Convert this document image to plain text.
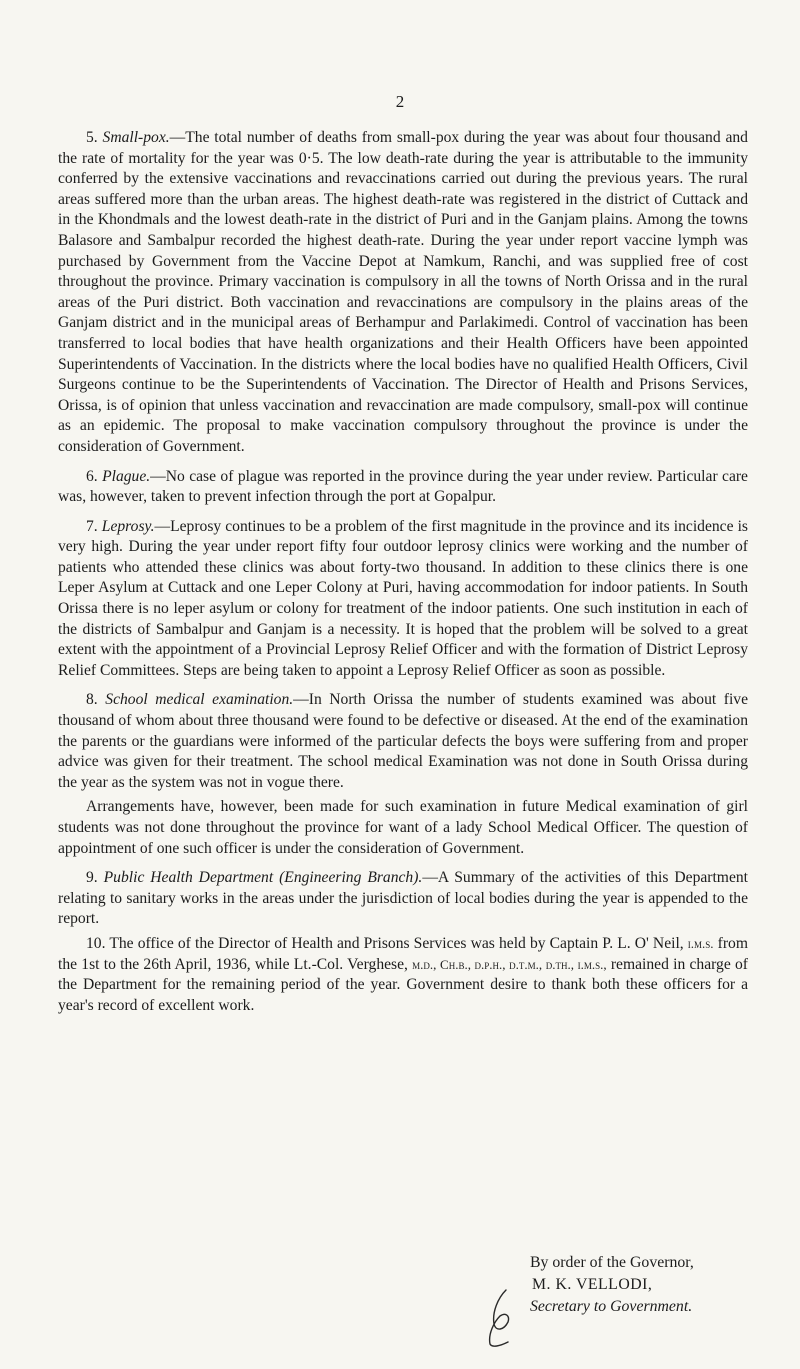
2

5. Small-pox.—The total number of deaths from small-pox during the year was about four thousand and the rate of mortality for the year was 0·5. The low death-rate during the year is attributable to the immunity conferred by the extensive vaccinations and revaccinations carried out during the previous years. The rural areas suffered more than the urban areas. The highest death-rate was registered in the district of Cuttack and in the Khondmals and the lowest death-rate in the district of Puri and in the Ganjam plains. Among the towns Balasore and Sambalpur recorded the highest death-rate. During the year under report vaccine lymph was purchased by Government from the Vaccine Depot at Namkum, Ranchi, and was supplied free of cost throughout the province. Primary vaccination is compulsory in all the towns of North Orissa and in the rural areas of the Puri district. Both vaccination and revaccinations are compulsory in the plains areas of the Ganjam district and in the municipal areas of Berhampur and Parlakimedi. Control of vaccination has been transferred to local bodies that have health organizations and their Health Officers have been appointed Superintendents of Vaccination. In the districts where the local bodies have no qualified Health Officers, Civil Surgeons continue to be the Superintendents of Vaccination. The Director of Health and Prisons Services, Orissa, is of opinion that unless vaccination and revaccination are made compulsory, small-pox will continue as an epidemic. The proposal to make vaccination compulsory throughout the province is under the consideration of Government.

6. Plague.—No case of plague was reported in the province during the year under review. Particular care was, however, taken to prevent infection through the port at Gopalpur.

7. Leprosy.—Leprosy continues to be a problem of the first magnitude in the province and its incidence is very high. During the year under report fifty four outdoor leprosy clinics were working and the number of patients who attended these clinics was about forty-two thousand. In addition to these clinics there is one Leper Asylum at Cuttack and one Leper Colony at Puri, having accommodation for indoor patients. In South Orissa there is no leper asylum or colony for treatment of the indoor patients. One such institution in each of the districts of Sambalpur and Ganjam is a necessity. It is hoped that the problem will be solved to a great extent with the appointment of a Provincial Leprosy Relief Officer and with the formation of District Leprosy Relief Committees. Steps are being taken to appoint a Leprosy Relief Officer as soon as possible.

8. School medical examination.—In North Orissa the number of students examined was about five thousand of whom about three thousand were found to be defective or diseased. At the end of the examination the parents or the guardians were informed of the particular defects the boys were suffering from and proper advice was given for their treatment. The school medical Examination was not done in South Orissa during the year as the system was not in vogue there.

Arrangements have, however, been made for such examination in future Medical examination of girl students was not done throughout the province for want of a lady School Medical Officer. The question of appointment of one such officer is under the consideration of Government.

9. Public Health Department (Engineering Branch).—A Summary of the activities of this Department relating to sanitary works in the areas under the jurisdiction of local bodies during the year is appended to the report.

10. The office of the Director of Health and Prisons Services was held by Captain P. L. O' Neil, i.m.s. from the 1st to the 26th April, 1936, while Lt.-Col. Verghese, m.d., Ch.b., d.p.h., d.t.m., d.th., i.m.s., remained in charge of the Department for the remaining period of the year. Government desire to thank both these officers for a year's record of excellent work.

By order of the Governor,
M. K. VELLODI,
Secretary to Government.
